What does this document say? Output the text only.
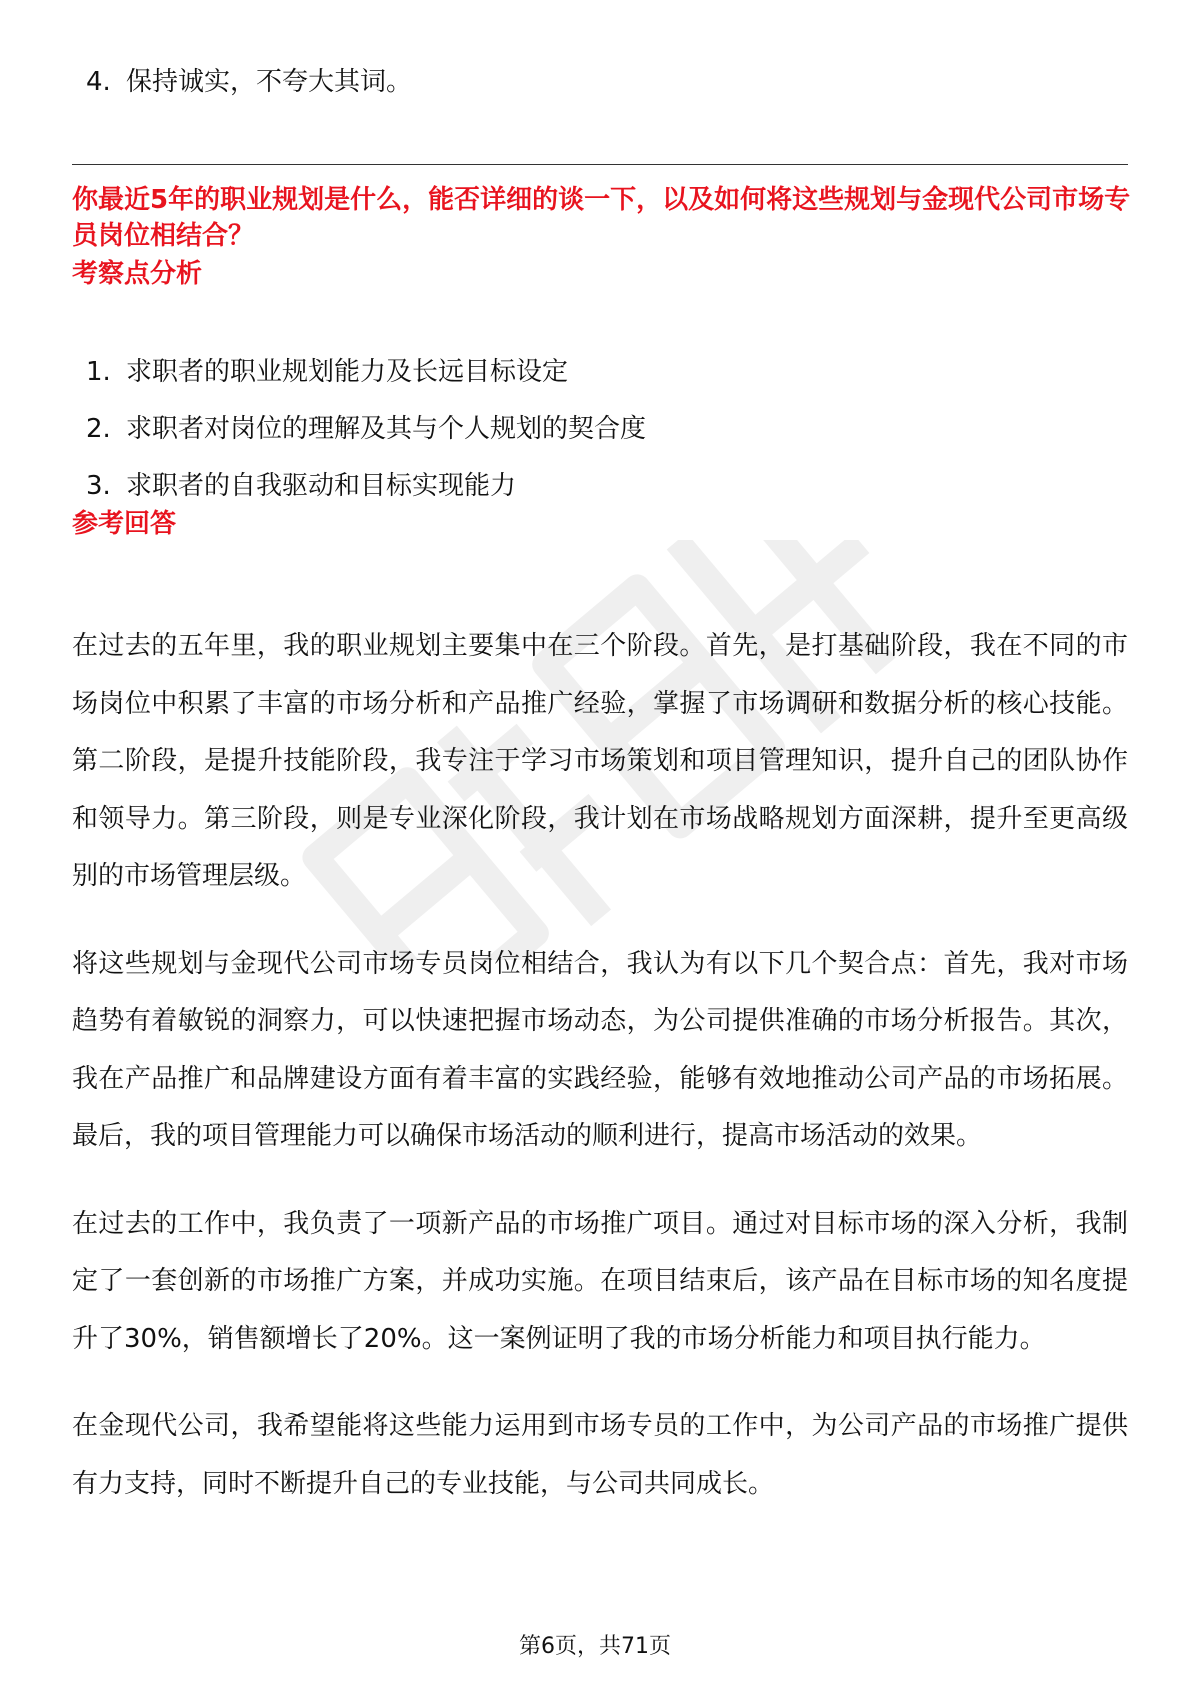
4. 保持诚实，不夸大其词。
你最近5年的职业规划是什么，能否详细的谈一下，以及如何将这些规划与金现代公司市场专员岗位相结合？
考察点分析
1. 求职者的职业规划能力及长远目标设定
2. 求职者对岗位的理解及其与个人规划的契合度
3. 求职者的自我驱动和目标实现能力
参考回答

在过去的五年里，我的职业规划主要集中在三个阶段。首先，是打基础阶段，我在不同的市场岗位中积累了丰富的市场分析和产品推广经验，掌握了市场调研和数据分析的核心技能。第二阶段，是提升技能阶段，我专注于学习市场策划和项目管理知识，提升自己的团队协作和领导力。第三阶段，则是专业深化阶段，我计划在市场战略规划方面深耕，提升至更高级别的市场管理层级。

将这些规划与金现代公司市场专员岗位相结合，我认为有以下几个契合点：首先，我对市场趋势有着敏锐的洞察力，可以快速把握市场动态，为公司提供准确的市场分析报告。其次，我在产品推广和品牌建设方面有着丰富的实践经验，能够有效地推动公司产品的市场拓展。最后，我的项目管理能力可以确保市场活动的顺利进行，提高市场活动的效果。

在过去的工作中，我负责了一项新产品的市场推广项目。通过对目标市场的深入分析，我制定了一套创新的市场推广方案，并成功实施。在项目结束后，该产品在目标市场的知名度提升了30%，销售额增长了20%。这一案例证明了我的市场分析能力和项目执行能力。

在金现代公司，我希望能将这些能力运用到市场专员的工作中，为公司产品的市场推广提供有力支持，同时不断提升自己的专业技能，与公司共同成长。

第6页，共71页
